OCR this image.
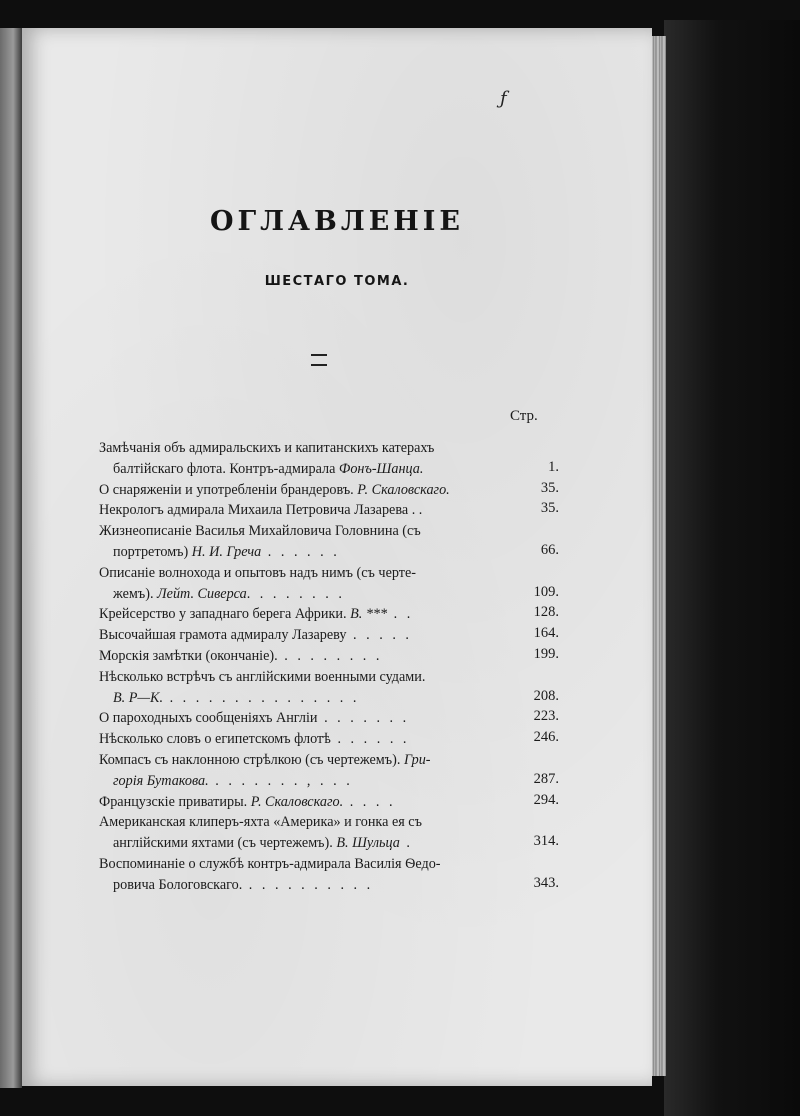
ƒ
ОГЛАВЛЕНIЕ
ШЕСТАГО ТОМА.
Стр.
Замѣчанія объ адмиральскихъ и капитанскихъ катерахъ
балтійскаго флота. Контръ-адмирала Фонъ-Шанца.	1.
О снаряженіи и употребленіи брандеровъ. Р. Скаловскаго.	35.
Некрологъ адмирала Михаила Петровича Лазарева . .	35.
Жизнеописаніе Василья Михайловича Головнина (съ
портретомъ) Н. И. Греча . . . . . .	66.
Описаніе волнохода и опытовъ надъ нимъ (съ черте-
жемъ). Лейт. Сиверса. . . . . . . .	109.
Крейсерство у западнаго берега Африки. В. *** . .	128.
Высочайшая грамота адмиралу Лазареву . . . . .	164.
Морскія замѣтки (окончаніе). . . . . . . . .	199.
Нѣсколько встрѣчъ съ англійскими военными судами.
В. Р—К. . . . . . . . . . . . . . . .	208.
О пароходныхъ сообщеніяхъ Англіи . . . . . . .	223.
Нѣсколько словъ о египетскомъ флотѣ . . . . . .	246.
Компасъ съ наклонною стрѣлкою (съ чертежемъ). Гри-
горія Бутакова. . . . . . . . , . . .	287.
Французскіе приватиры. Р. Скаловскаго. . . . .	294.
Американская клиперъ-яхта «Америка» и гонка ея съ
англійскими яхтами (съ чертежемъ). В. Шульца .	314.
Воспоминаніе о службѣ контръ-адмирала Василія Ѳедо-
ровича Бологовскаго. . . . . . . . . . .	343.
